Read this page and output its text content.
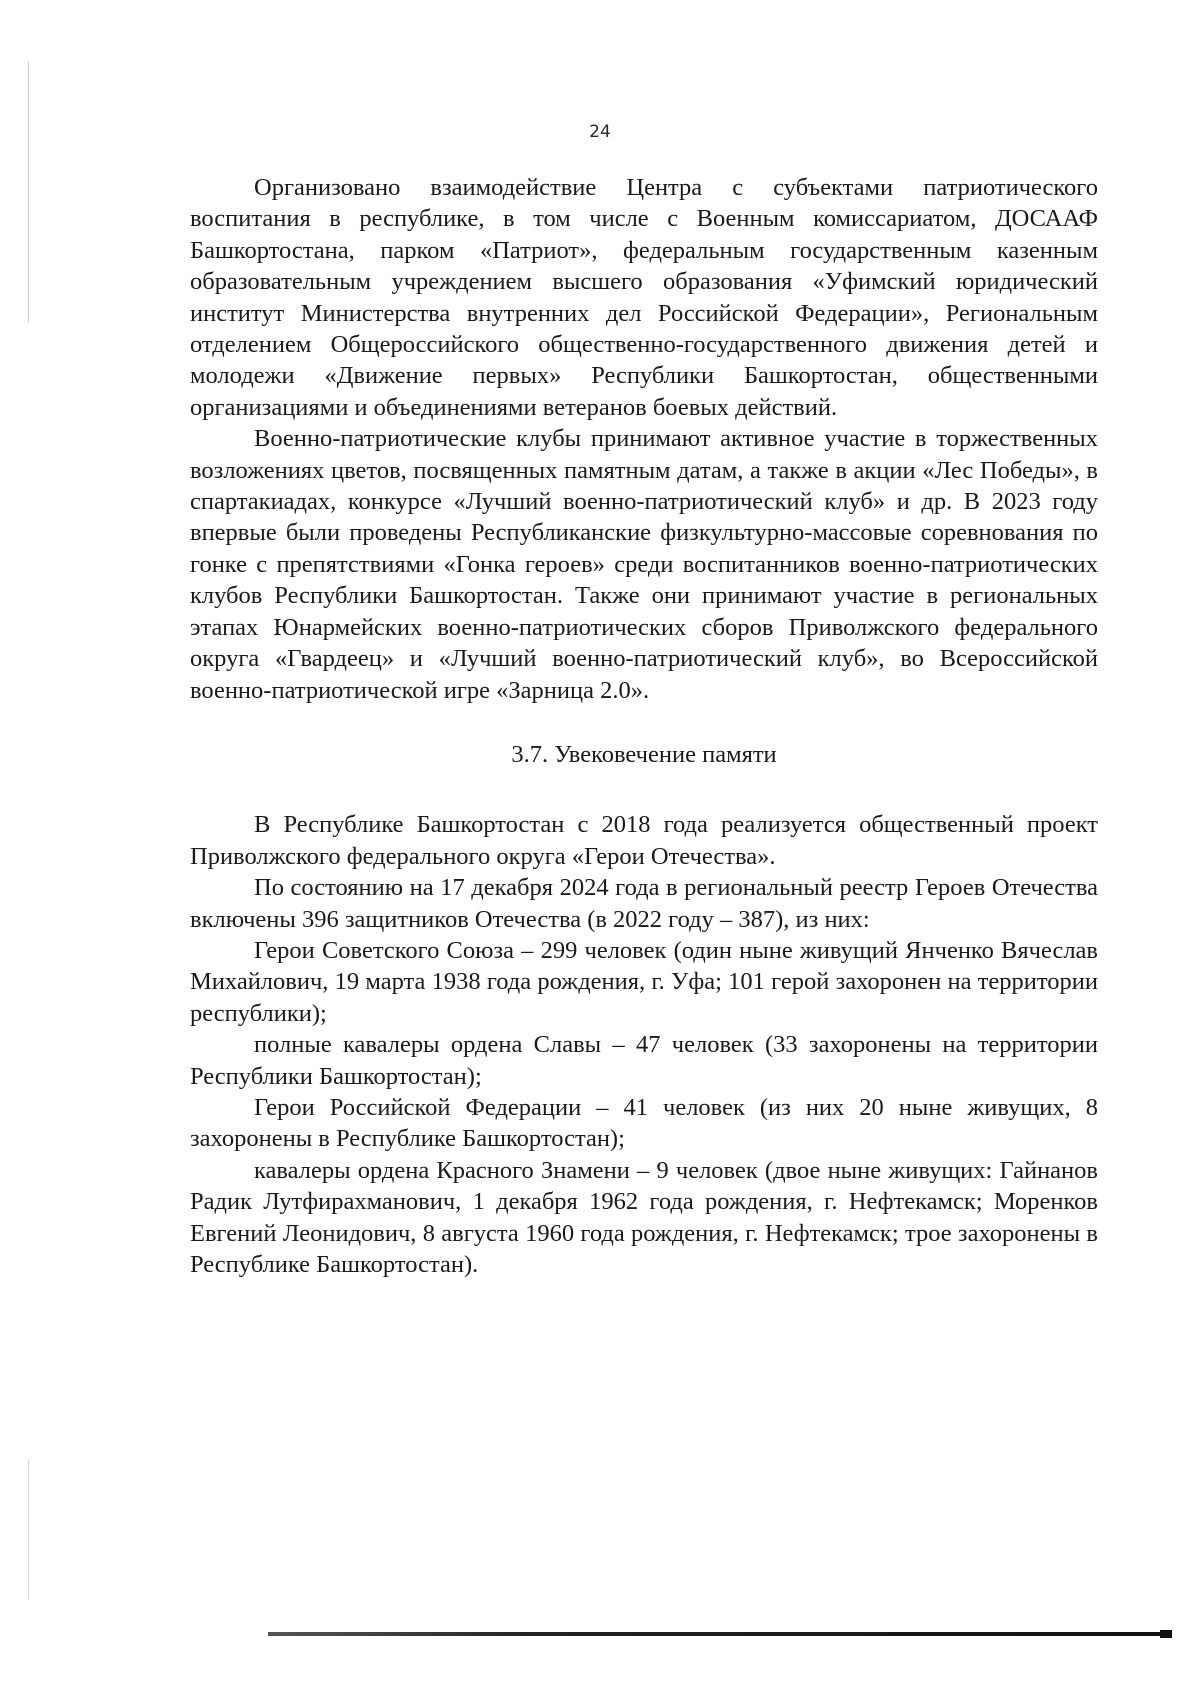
24

Организовано взаимодействие Центра с субъектами патриотического воспитания в республике, в том числе с Военным комиссариатом, ДОСААФ Башкортостана, парком «Патриот», федеральным государственным казенным образовательным учреждением высшего образования «Уфимский юридический институт Министерства внутренних дел Российской Федерации», Региональным отделением Общероссийского общественно-государственного движения детей и молодежи «Движение первых» Республики Башкортостан, общественными организациями и объединениями ветеранов боевых действий.

Военно-патриотические клубы принимают активное участие в торжественных возложениях цветов, посвященных памятным датам, а также в акции «Лес Победы», в спартакиадах, конкурсе «Лучший военно-патриотический клуб» и др. В 2023 году впервые были проведены Республиканские физкультурно-массовые соревнования по гонке с препятствиями «Гонка героев» среди воспитанников военно-патриотических клубов Республики Башкортостан. Также они принимают участие в региональных этапах Юнармейских военно-патриотических сборов Приволжского федерального округа «Гвардеец» и «Лучший военно-патриотический клуб», во Всероссийской военно-патриотической игре «Зарница 2.0».

3.7. Увековечение памяти

В Республике Башкортостан с 2018 года реализуется общественный проект Приволжского федерального округа «Герои Отечества».

По состоянию на 17 декабря 2024 года в региональный реестр Героев Отечества включены 396 защитников Отечества (в 2022 году – 387), из них:

Герои Советского Союза – 299 человек (один ныне живущий Янченко Вячеслав Михайлович, 19 марта 1938 года рождения, г. Уфа; 101 герой захоронен на территории республики);

полные кавалеры ордена Славы – 47 человек (33 захоронены на территории Республики Башкортостан);

Герои Российской Федерации – 41 человек (из них 20 ныне живущих, 8 захоронены в Республике Башкортостан);

кавалеры ордена Красного Знамени – 9 человек (двое ныне живущих: Гайнанов Радик Лутфирахманович, 1 декабря 1962 года рождения, г. Нефтекамск; Моренков Евгений Леонидович, 8 августа 1960 года рождения, г. Нефтекамск; трое захоронены в Республике Башкортостан).
